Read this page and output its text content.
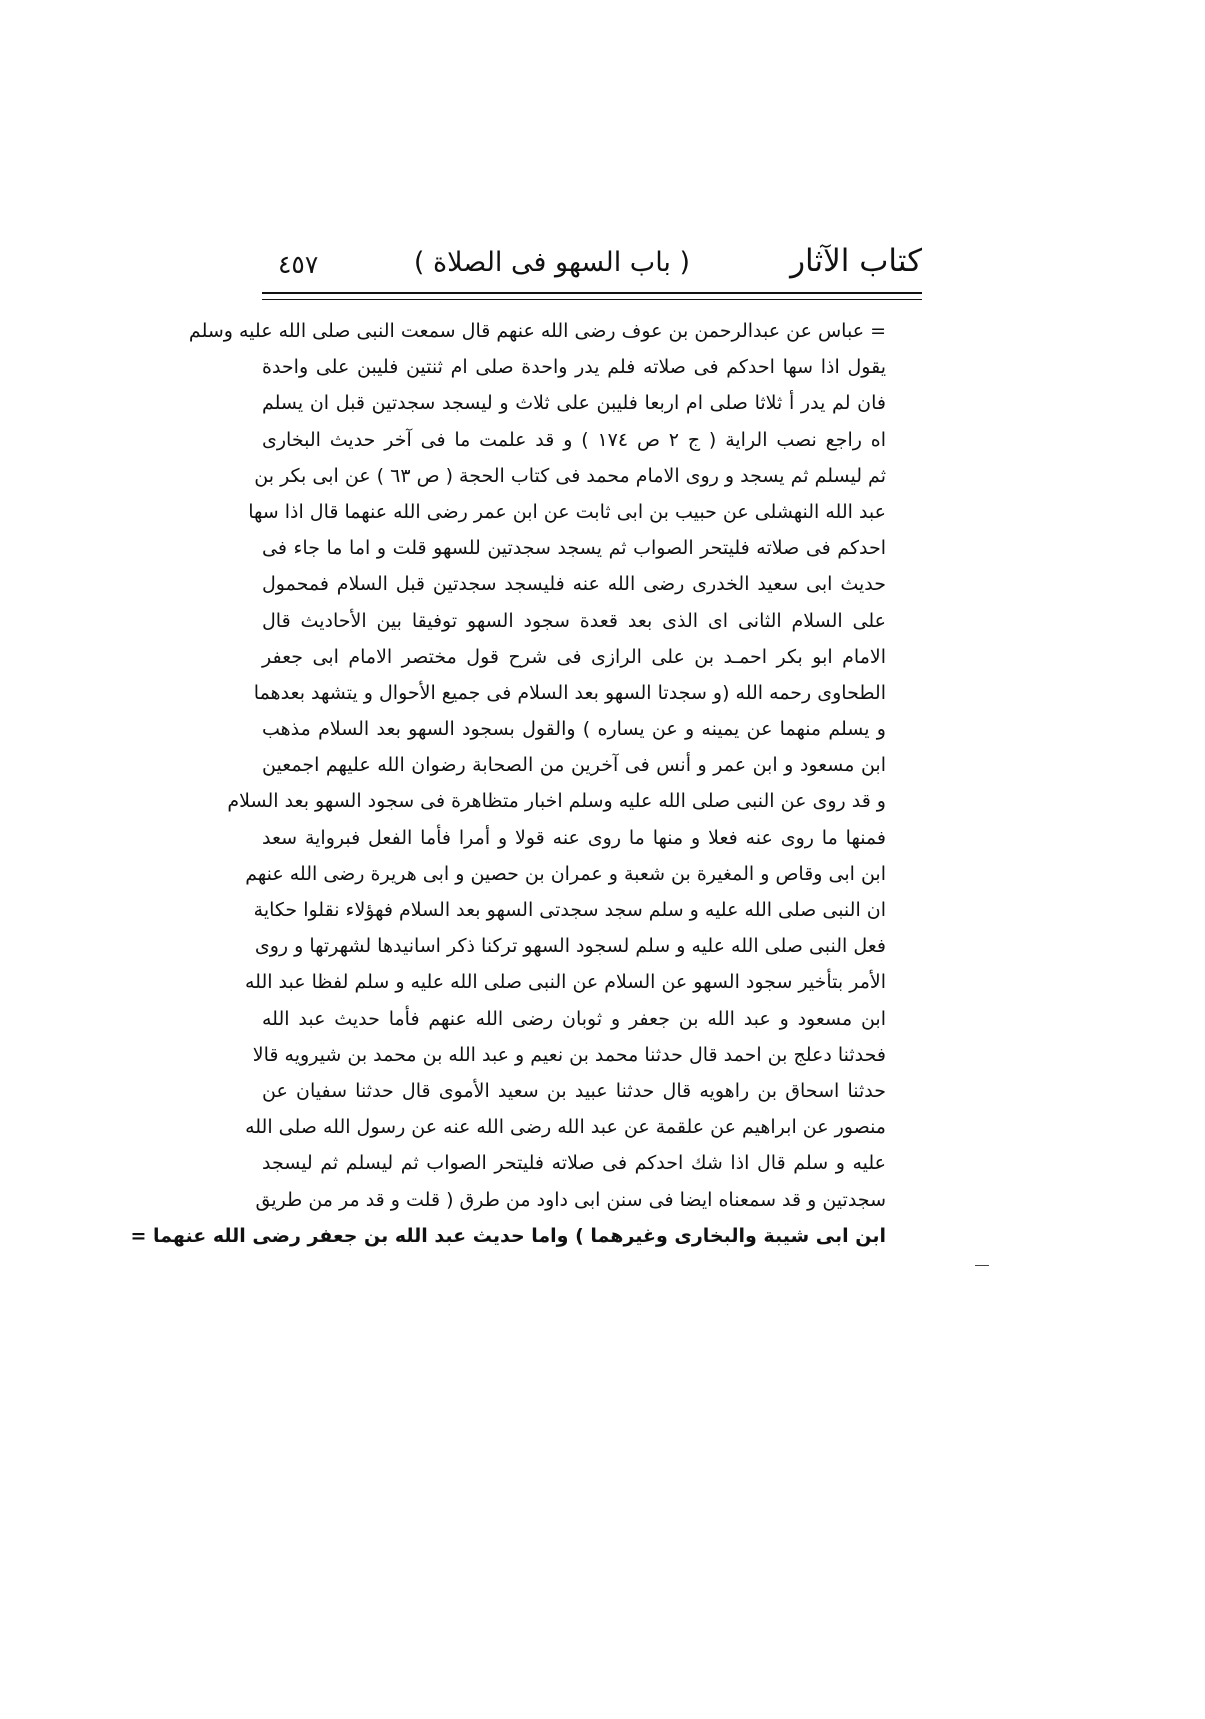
كتاب الآثار
( باب السهو فى الصلاة )
٤٥٧
= عباس عن عبدالرحمن بن عوف رضى الله عنهم قال سمعت النبى صلى الله عليه وسلم
يقول اذا سها احدكم فى صلاته فلم يدر واحدة صلى ام ثنتين فليبن على واحدة
فان لم يدر أ ثلاثا صلى ام اربعا فليبن على ثلاث و ليسجد سجدتين قبل ان يسلم
اه راجع نصب الراية ( ج ٢ ص ١٧٤ ) و قد علمت ما فى آخر حديث البخارى
ثم ليسلم ثم يسجد و روى الامام محمد فى كتاب الحجة ( ص ٦٣ ) عن ابى بكر بن
عبد الله النهشلى عن حبيب بن ابى ثابت عن ابن عمر رضى الله عنهما قال اذا سها
احدكم فى صلاته فليتحر الصواب ثم يسجد سجدتين للسهو قلت و اما ما جاء فى
حديث ابى سعيد الخدرى رضى الله عنه فليسجد سجدتين قبل السلام فمحمول
على السلام الثانى اى الذى بعد قعدة سجود السهو توفيقا بين الأحاديث قال
الامام ابو بكر احمـد بن على الرازى فى شرح قول مختصر الامام ابى جعفر
الطحاوى رحمه الله (و سجدتا السهو بعد السلام فى جميع الأحوال و يتشهد بعدهما
و يسلم منهما عن يمينه و عن يساره ) والقول بسجود السهو بعد السلام مذهب
ابن مسعود و ابن عمر و أنس فى آخرين من الصحابة رضوان الله عليهم اجمعين
و قد روى عن النبى صلى الله عليه وسلم اخبار متظاهرة فى سجود السهو بعد السلام
فمنها ما روى عنه فعلا و منها ما روى عنه قولا و أمرا فأما الفعل فبرواية سعد
ابن ابى وقاص و المغيرة بن شعبة و عمران بن حصين و ابى هريرة رضى الله عنهم
ان النبى صلى الله عليه و سلم سجد سجدتى السهو بعد السلام فهؤلاء نقلوا حكاية
فعل النبى صلى الله عليه و سلم لسجود السهو تركنا ذكر اسانيدها لشهرتها و روى
الأمر بتأخير سجود السهو عن السلام عن النبى صلى الله عليه و سلم لفظا عبد الله
ابن مسعود و عبد الله بن جعفر و ثوبان رضى الله عنهم فأما حديث عبد الله
فحدثنا دعلج بن احمد قال حدثنا محمد بن نعيم و عبد الله بن محمد بن شيرويه قالا
حدثنا اسحاق بن راهويه قال حدثنا عبيد بن سعيد الأموى قال حدثنا سفيان عن
منصور عن ابراهيم عن علقمة عن عبد الله رضى الله عنه عن رسول الله صلى الله
عليه و سلم قال اذا شك احدكم فى صلاته فليتحر الصواب ثم ليسلم ثم ليسجد
سجدتين و قد سمعناه ايضا فى سنن ابى داود من طرق ( قلت و قد مر من طريق
ابن ابى شيبة والبخارى وغيرهما ) واما حديث عبد الله بن جعفر رضى الله عنهما =
